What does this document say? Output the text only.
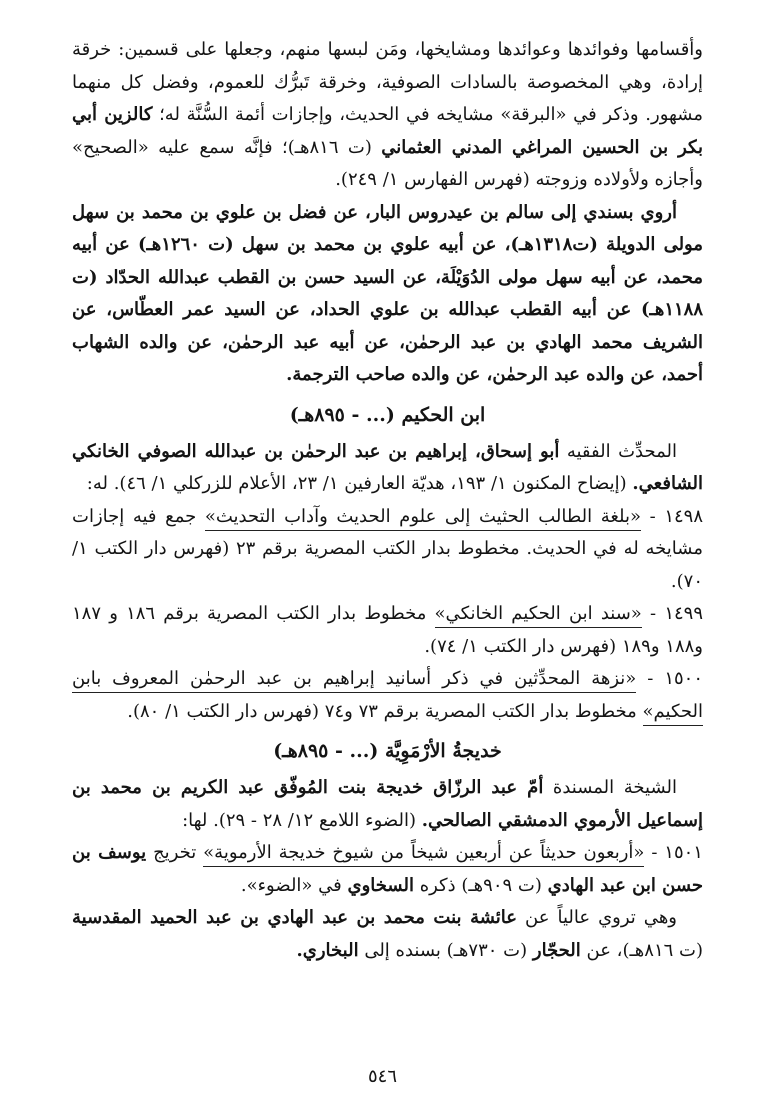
وأقسامها وفوائدها وعوائدها ومشايخها، ومَن لبسها منهم، وجعلها على قسمين: خرقة إرادة، وهي المخصوصة بالسادات الصوفية، وخرقة تَبرُّك للعموم، وفضل كل منهما مشهور. وذكر في «البرقة» مشايخه في الحديث، وإجازات أئمة السُّنَّة له؛ كالزين أبي بكر بن الحسين المراغي المدني العثماني (ت ٨١٦هـ)؛ فإنَّه سمع عليه «الصحيح» وأجازه ولأولاده وزوجته (فهرس الفهارس ١/ ٢٤٩).

أروي بسندي إلى سالم بن عيدروس البار، عن فضل بن علوي بن محمد بن سهل مولى الدويلة (ت١٣١٨هـ)، عن أبيه علوي بن محمد بن سهل (ت ١٢٦٠هـ) عن أبيه محمد، عن أبيه سهل مولى الدُوَيْلَة، عن السيد حسن بن القطب عبدالله الحدّاد (ت ١١٨٨هـ) عن أبيه القطب عبدالله بن علوي الحداد، عن السيد عمر العطّاس، عن الشريف محمد الهادي بن عبد الرحمٰن، عن أبيه عبد الرحمٰن، عن والده الشهاب أحمد، عن والده عبد الرحمٰن، عن والده صاحب الترجمة.

ابن الحكيم (... - ٨٩٥هـ)

المحدِّث الفقيه أبو إسحاق، إبراهيم بن عبد الرحمٰن بن عبدالله الصوفي الخانكي الشافعي. (إيضاح المكنون ١/ ١٩٣، هديّة العارفين ١/ ٢٣، الأعلام للزركلي ١/ ٤٦). له:

١٤٩٨ - «بلغة الطالب الحثيث إلى علوم الحديث وآداب التحديث» جمع فيه إجازات مشايخه له في الحديث. مخطوط بدار الكتب المصرية برقم ٢٣ (فهرس دار الكتب ١/ ٧٠).

١٤٩٩ - «سند ابن الحكيم الخانكي» مخطوط بدار الكتب المصرية برقم ١٨٦ و ١٨٧ و١٨٨ و١٨٩ (فهرس دار الكتب ١/ ٧٤).

١٥٠٠ - «نزهة المحدِّثين في ذكر أسانيد إبراهيم بن عبد الرحمٰن المعروف بابن الحكيم» مخطوط بدار الكتب المصرية برقم ٧٣ و٧٤ (فهرس دار الكتب ١/ ٨٠).

خديجةُ الأرْمَوِيَّة (... - ٨٩٥هـ)

الشيخة المسندة أمّ عبد الرزّاق خديجة بنت المُوفّق عبد الكريم بن محمد بن إسماعيل الأرموي الدمشقي الصالحي. (الضوء اللامع ١٢/ ٢٨ - ٢٩). لها:

١٥٠١ - «أربعون حديثاً عن أربعين شيخاً من شيوخ خديجة الأرموية» تخريج يوسف بن حسن ابن عبد الهادي (ت ٩٠٩هـ) ذكره السخاوي في «الضوء».

وهي تروي عالياً عن عائشة بنت محمد بن عبد الهادي بن عبد الحميد المقدسية (ت ٨١٦هـ)، عن الحجّار (ت ٧٣٠هـ) بسنده إلى البخاري.

٥٤٦
